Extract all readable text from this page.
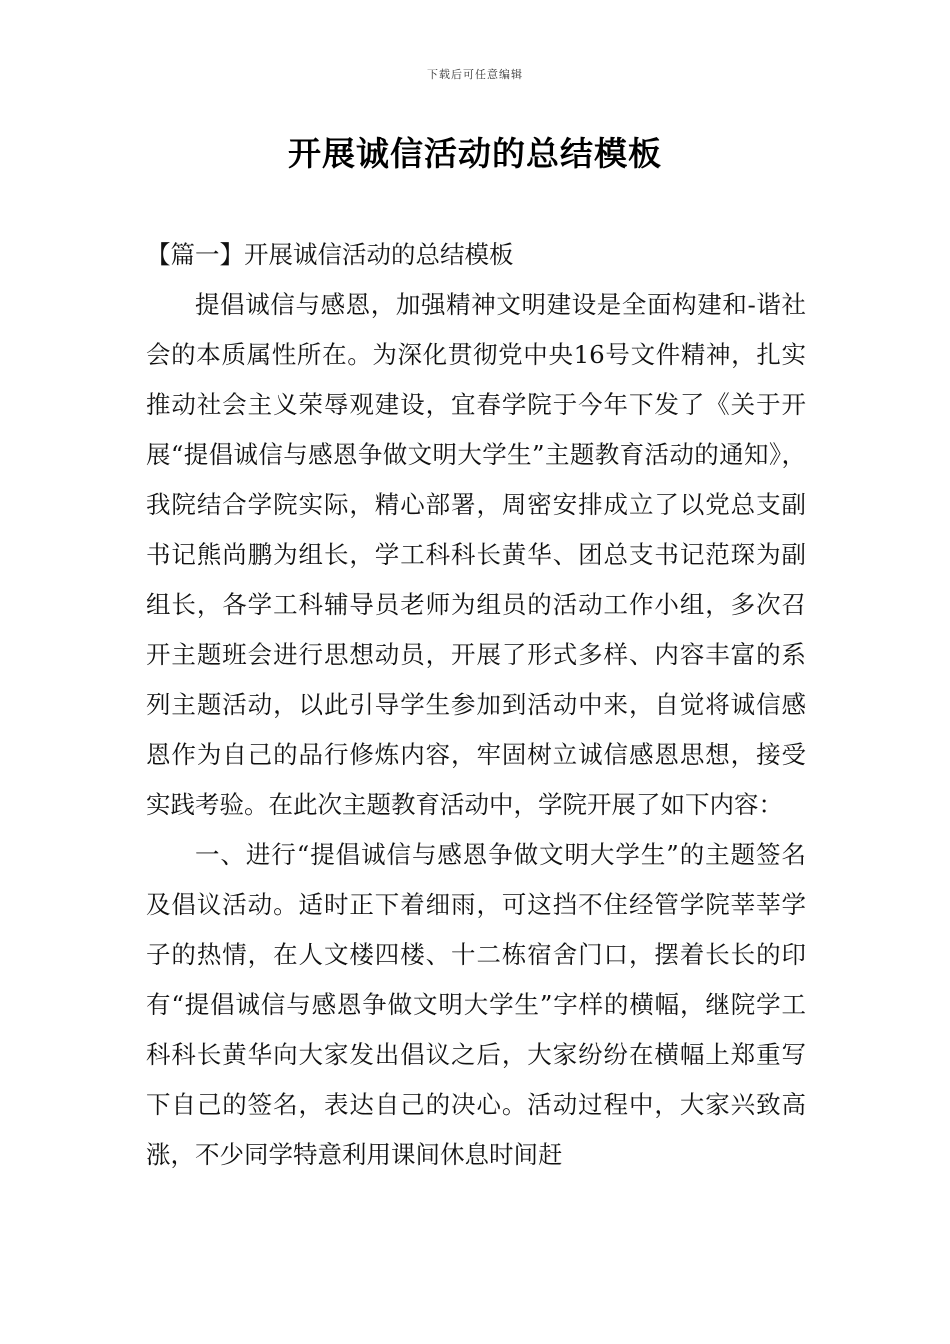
下载后可任意编辑
开展诚信活动的总结模板

【篇一】开展诚信活动的总结模板

提倡诚信与感恩，加强精神文明建设是全面构建和-谐社会的本质属性所在。为深化贯彻党中央16号文件精神，扎实推动社会主义荣辱观建设，宜春学院于今年下发了《关于开展“提倡诚信与感恩争做文明大学生”主题教育活动的通知》，我院结合学院实际，精心部署，周密安排成立了以党总支副书记熊尚鹏为组长，学工科科长黄华、团总支书记范琛为副组长，各学工科辅导员老师为组员的活动工作小组，多次召开主题班会进行思想动员，开展了形式多样、内容丰富的系列主题活动，以此引导学生参加到活动中来，自觉将诚信感恩作为自己的品行修炼内容，牢固树立诚信感恩思想，接受实践考验。在此次主题教育活动中，学院开展了如下内容：

一、进行“提倡诚信与感恩争做文明大学生”的主题签名及倡议活动。适时正下着细雨，可这挡不住经管学院莘莘学子的热情，在人文楼四楼、十二栋宿舍门口，摆着长长的印有“提倡诚信与感恩争做文明大学生”字样的横幅，继院学工科科长黄华向大家发出倡议之后，大家纷纷在横幅上郑重写下自己的签名，表达自己的决心。活动过程中，大家兴致高涨，不少同学特意利用课间休息时间赶
